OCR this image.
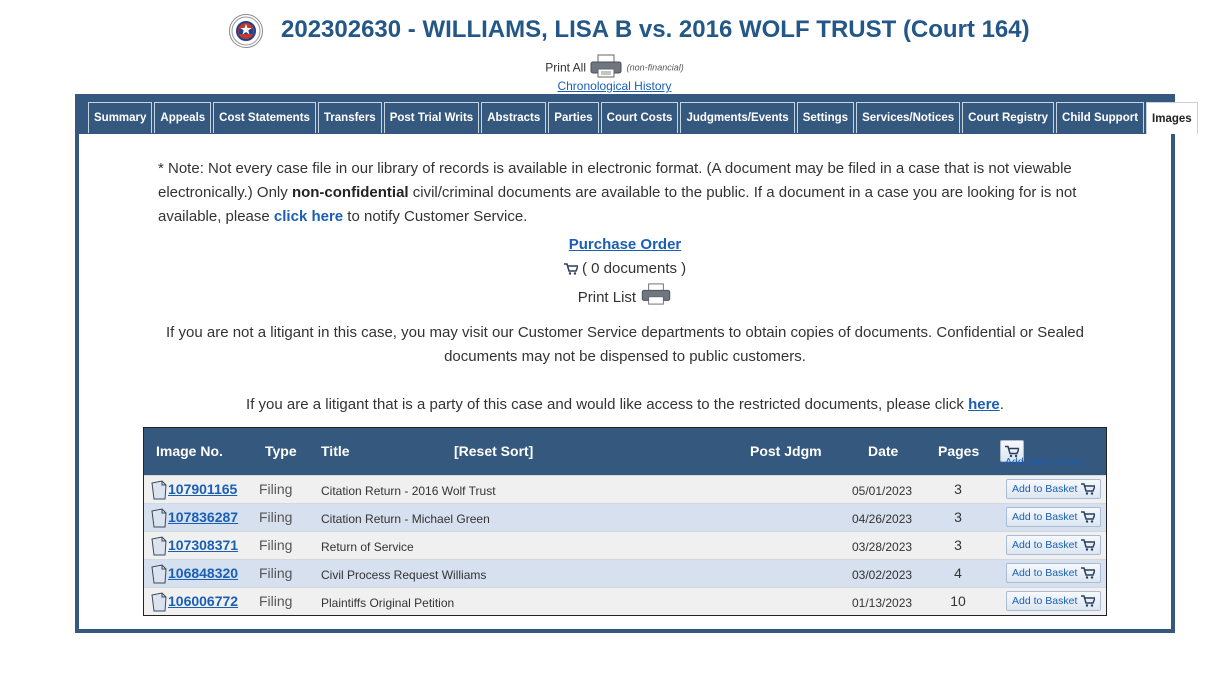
202302630 - WILLIAMS, LISA B vs. 2016 WOLF TRUST (Court 164)
Print All	(non-financial)
Chronological History
Summary	Appeals	Cost Statements	Transfers	Post Trial Writs	Abstracts	Parties	Court Costs	Judgments/Events	Settings	Services/Notices	Court Registry	Child Support	Images
* Note: Not every case file in our library of records is available in electronic format. (A document may be filed in a case that is not viewable electronically.) Only non-confidential civil/criminal documents are available to the public. If a document in a case you are looking for is not available, please click here to notify Customer Service.
Purchase Order
( 0 documents )
Print List
If you are not a litigant in this case, you may visit our Customer Service departments to obtain copies of documents. Confidential or Sealed documents may not be dispensed to public customers.
If you are a litigant that is a party of this case and would like access to the restricted documents, please click here.
Image No.	Type Title	[Reset Sort]	Post Jdgm	Date	Pages
Add Entire Case
107901165 Filing Citation Return - 2016 Wolf Trust	05/01/2023	3	Add to Basket
107836287 Filing Citation Return - Michael Green	04/26/2023	3	Add to Basket
107308371 Filing Return of Service	03/28/2023	3	Add to Basket
106848320 Filing Civil Process Request Williams	03/02/2023	4	Add to Basket
106006772 Filing Plaintiffs Original Petition	01/13/2023	10	Add to Basket
